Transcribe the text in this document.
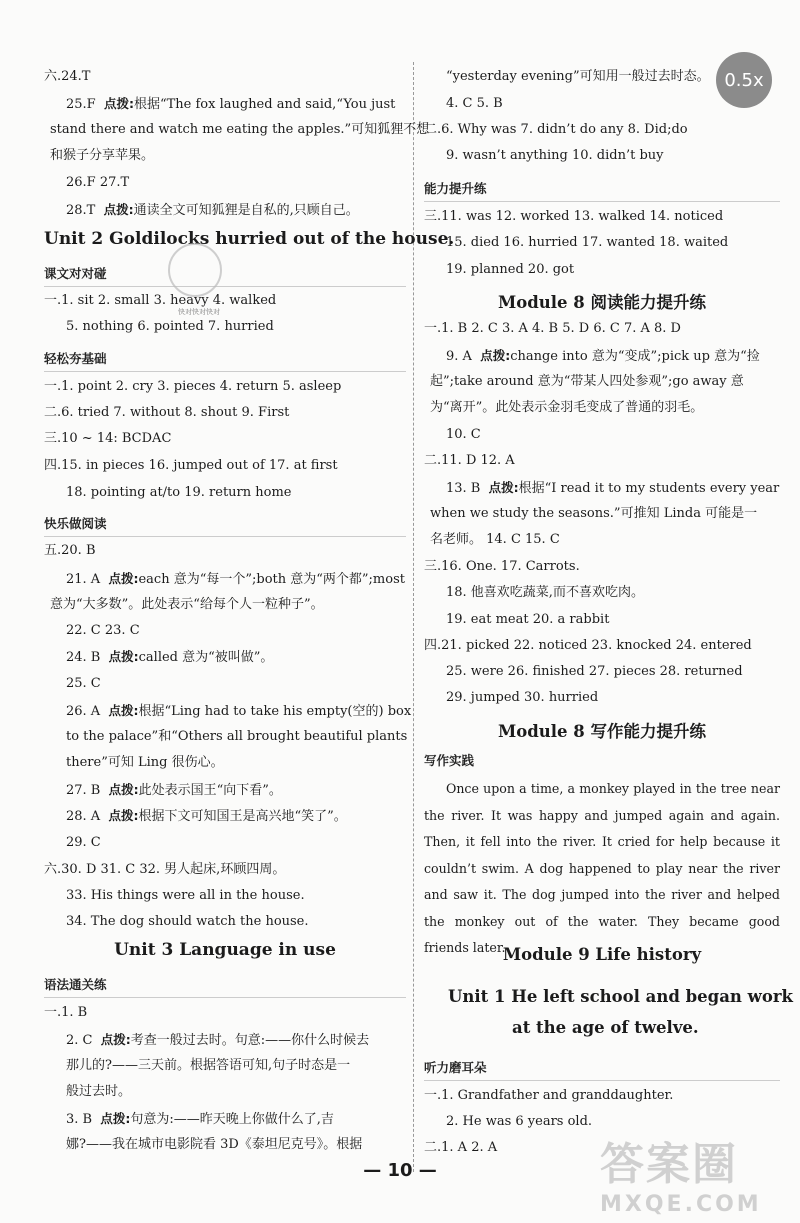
0.5x
六.24.T
25.F 点拨:根据“The fox laughed and said,“You just
stand there and watch me eating the apples.”可知狐狸不想
和猴子分享苹果。
26.F 27.T
28.T 点拨:通读全文可知狐狸是自私的,只顾自己。
Unit 2 Goldilocks hurried out of the house.
课文对对碰
一.1. sit 2. small 3. heavy 4. walked
5. nothing 6. pointed 7. hurried
轻松夯基础
一.1. point 2. cry 3. pieces 4. return 5. asleep
二.6. tried 7. without 8. shout 9. First
三.10 ~ 14: BCDAC
四.15. in pieces 16. jumped out of 17. at first
18. pointing at/to 19. return home
快乐做阅读
五.20. B
21. A 点拨:each 意为“每一个”;both 意为“两个都”;most
意为“大多数”。此处表示“给每个人一粒种子”。
22. C 23. C
24. B 点拨:called 意为“被叫做”。
25. C
26. A 点拨:根据“Ling had to take his empty(空的) box
to the palace”和“Others all brought beautiful plants
there”可知 Ling 很伤心。
27. B 点拨:此处表示国王“向下看”。
28. A 点拨:根据下文可知国王是高兴地“笑了”。
29. C
六.30. D 31. C 32. 男人起床,环顾四周。
33. His things were all in the house.
34. The dog should watch the house.
Unit 3 Language in use
语法通关练
一.1. B
2. C 点拨:考查一般过去时。句意:——你什么时候去
那儿的?——三天前。根据答语可知,句子时态是一
般过去时。
3. B 点拨:句意为:——昨天晚上你做什么了,吉
娜?——我在城市电影院看 3D《泰坦尼克号》。根据
“yesterday evening”可知用一般过去时态。
4. C 5. B
二.6. Why was 7. didn’t do any 8. Did;do
9. wasn’t anything 10. didn’t buy
能力提升练
三.11. was 12. worked 13. walked 14. noticed
15. died 16. hurried 17. wanted 18. waited
19. planned 20. got
Module 8 阅读能力提升练
一.1. B 2. C 3. A 4. B 5. D 6. C 7. A 8. D
9. A 点拨:change into 意为“变成”;pick up 意为“捡
起”;take around 意为“带某人四处参观”;go away 意
为“离开”。此处表示金羽毛变成了普通的羽毛。
10. C
二.11. D 12. A
13. B 点拨:根据“I read it to my students every year
when we study the seasons.”可推知 Linda 可能是一
名老师。 14. C 15. C
三.16. One. 17. Carrots.
18. 他喜欢吃蔬菜,而不喜欢吃肉。
19. eat meat 20. a rabbit
四.21. picked 22. noticed 23. knocked 24. entered
25. were 26. finished 27. pieces 28. returned
29. jumped 30. hurried
Module 8 写作能力提升练
写作实践
Once upon a time, a monkey played in the tree near the river. It was happy and jumped again and again. Then, it fell into the river. It cried for help because it couldn’t swim. A dog happened to play near the river and saw it. The dog jumped into the river and helped the monkey out of the water. They became good friends later.
Module 9 Life history
Unit 1 He left school and began work
at the age of twelve.
听力磨耳朵
一.1. Grandfather and granddaughter.
2. He was 6 years old.
二.1. A 2. A
快对快对快对
— 10 —	答案圈
MXQE.COM
